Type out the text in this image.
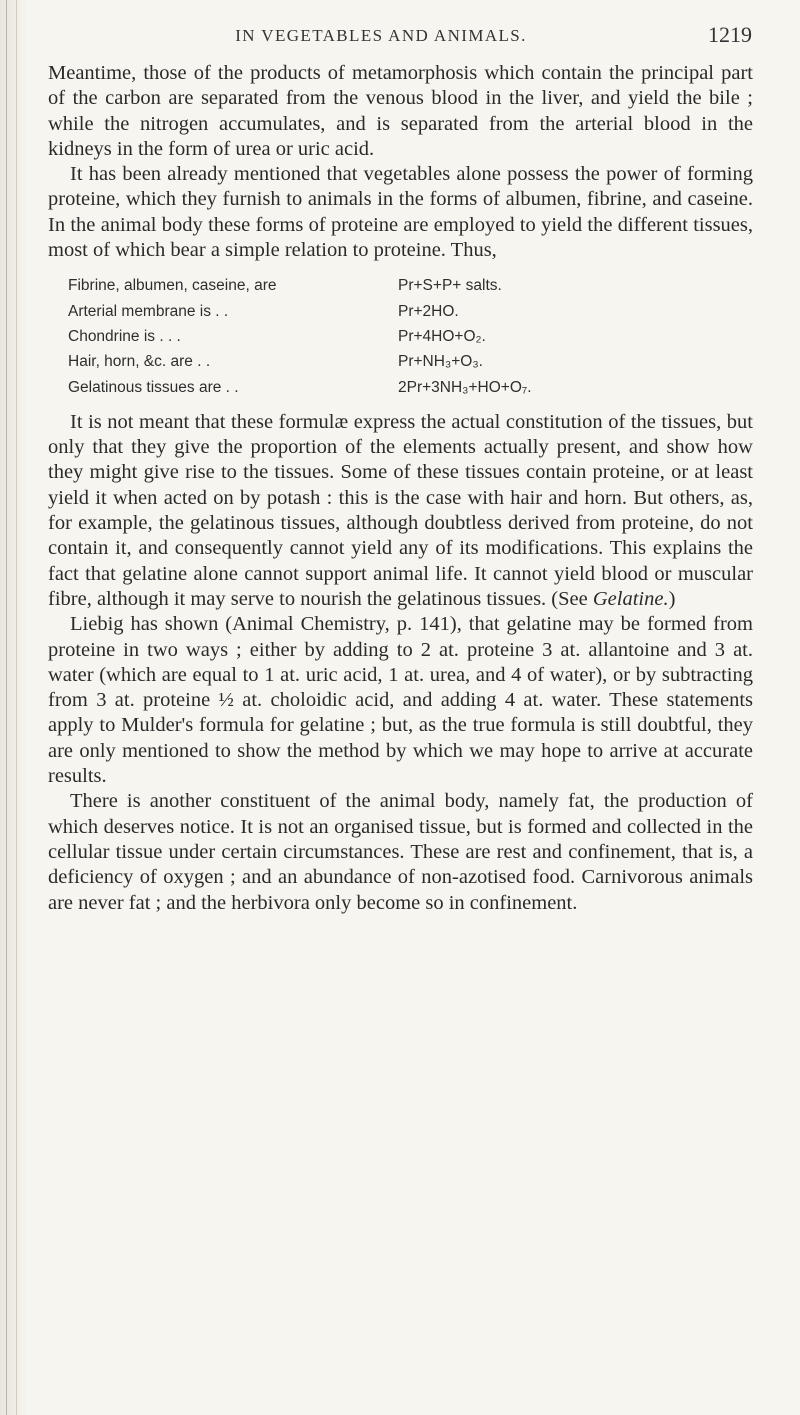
IN VEGETABLES AND ANIMALS.	1219

Meantime, those of the products of metamorphosis which contain the principal part of the carbon are separated from the venous blood in the liver, and yield the bile ; while the nitrogen accumulates, and is separated from the arterial blood in the kidneys in the form of urea or uric acid.

It has been already mentioned that vegetables alone possess the power of forming proteine, which they furnish to animals in the forms of albumen, fibrine, and caseine. In the animal body these forms of proteine are employed to yield the different tissues, most of which bear a simple relation to proteine. Thus,

Fibrine, albumen, caseine, are	Pr+S+P+ salts.
Arterial membrane is . .	Pr+2HO.
Chondrine is . . .	Pr+4HO+O₂.
Hair, horn, &c. are . .	Pr+NH₃+O₃.
Gelatinous tissues are . .	2Pr+3NH₃+HO+O₇.

It is not meant that these formulæ express the actual constitution of the tissues, but only that they give the proportion of the elements actually present, and show how they might give rise to the tissues. Some of these tissues contain proteine, or at least yield it when acted on by potash : this is the case with hair and horn. But others, as, for example, the gelatinous tissues, although doubtless derived from proteine, do not contain it, and consequently cannot yield any of its modifications. This explains the fact that gelatine alone cannot support animal life. It cannot yield blood or muscular fibre, although it may serve to nourish the gelatinous tissues. (See Gelatine.)

Liebig has shown (Animal Chemistry, p. 141), that gelatine may be formed from proteine in two ways ; either by adding to 2 at. proteine 3 at. allantoine and 3 at. water (which are equal to 1 at. uric acid, 1 at. urea, and 4 of water), or by subtracting from 3 at. proteine ½ at. choloidic acid, and adding 4 at. water. These statements apply to Mulder's formula for gelatine ; but, as the true formula is still doubtful, they are only mentioned to show the method by which we may hope to arrive at accurate results.

There is another constituent of the animal body, namely fat, the production of which deserves notice. It is not an organised tissue, but is formed and collected in the cellular tissue under certain circumstances. These are rest and confinement, that is, a deficiency of oxygen ; and an abundance of non-azotised food. Carnivorous animals are never fat ; and the herbivora only become so in confinement.
